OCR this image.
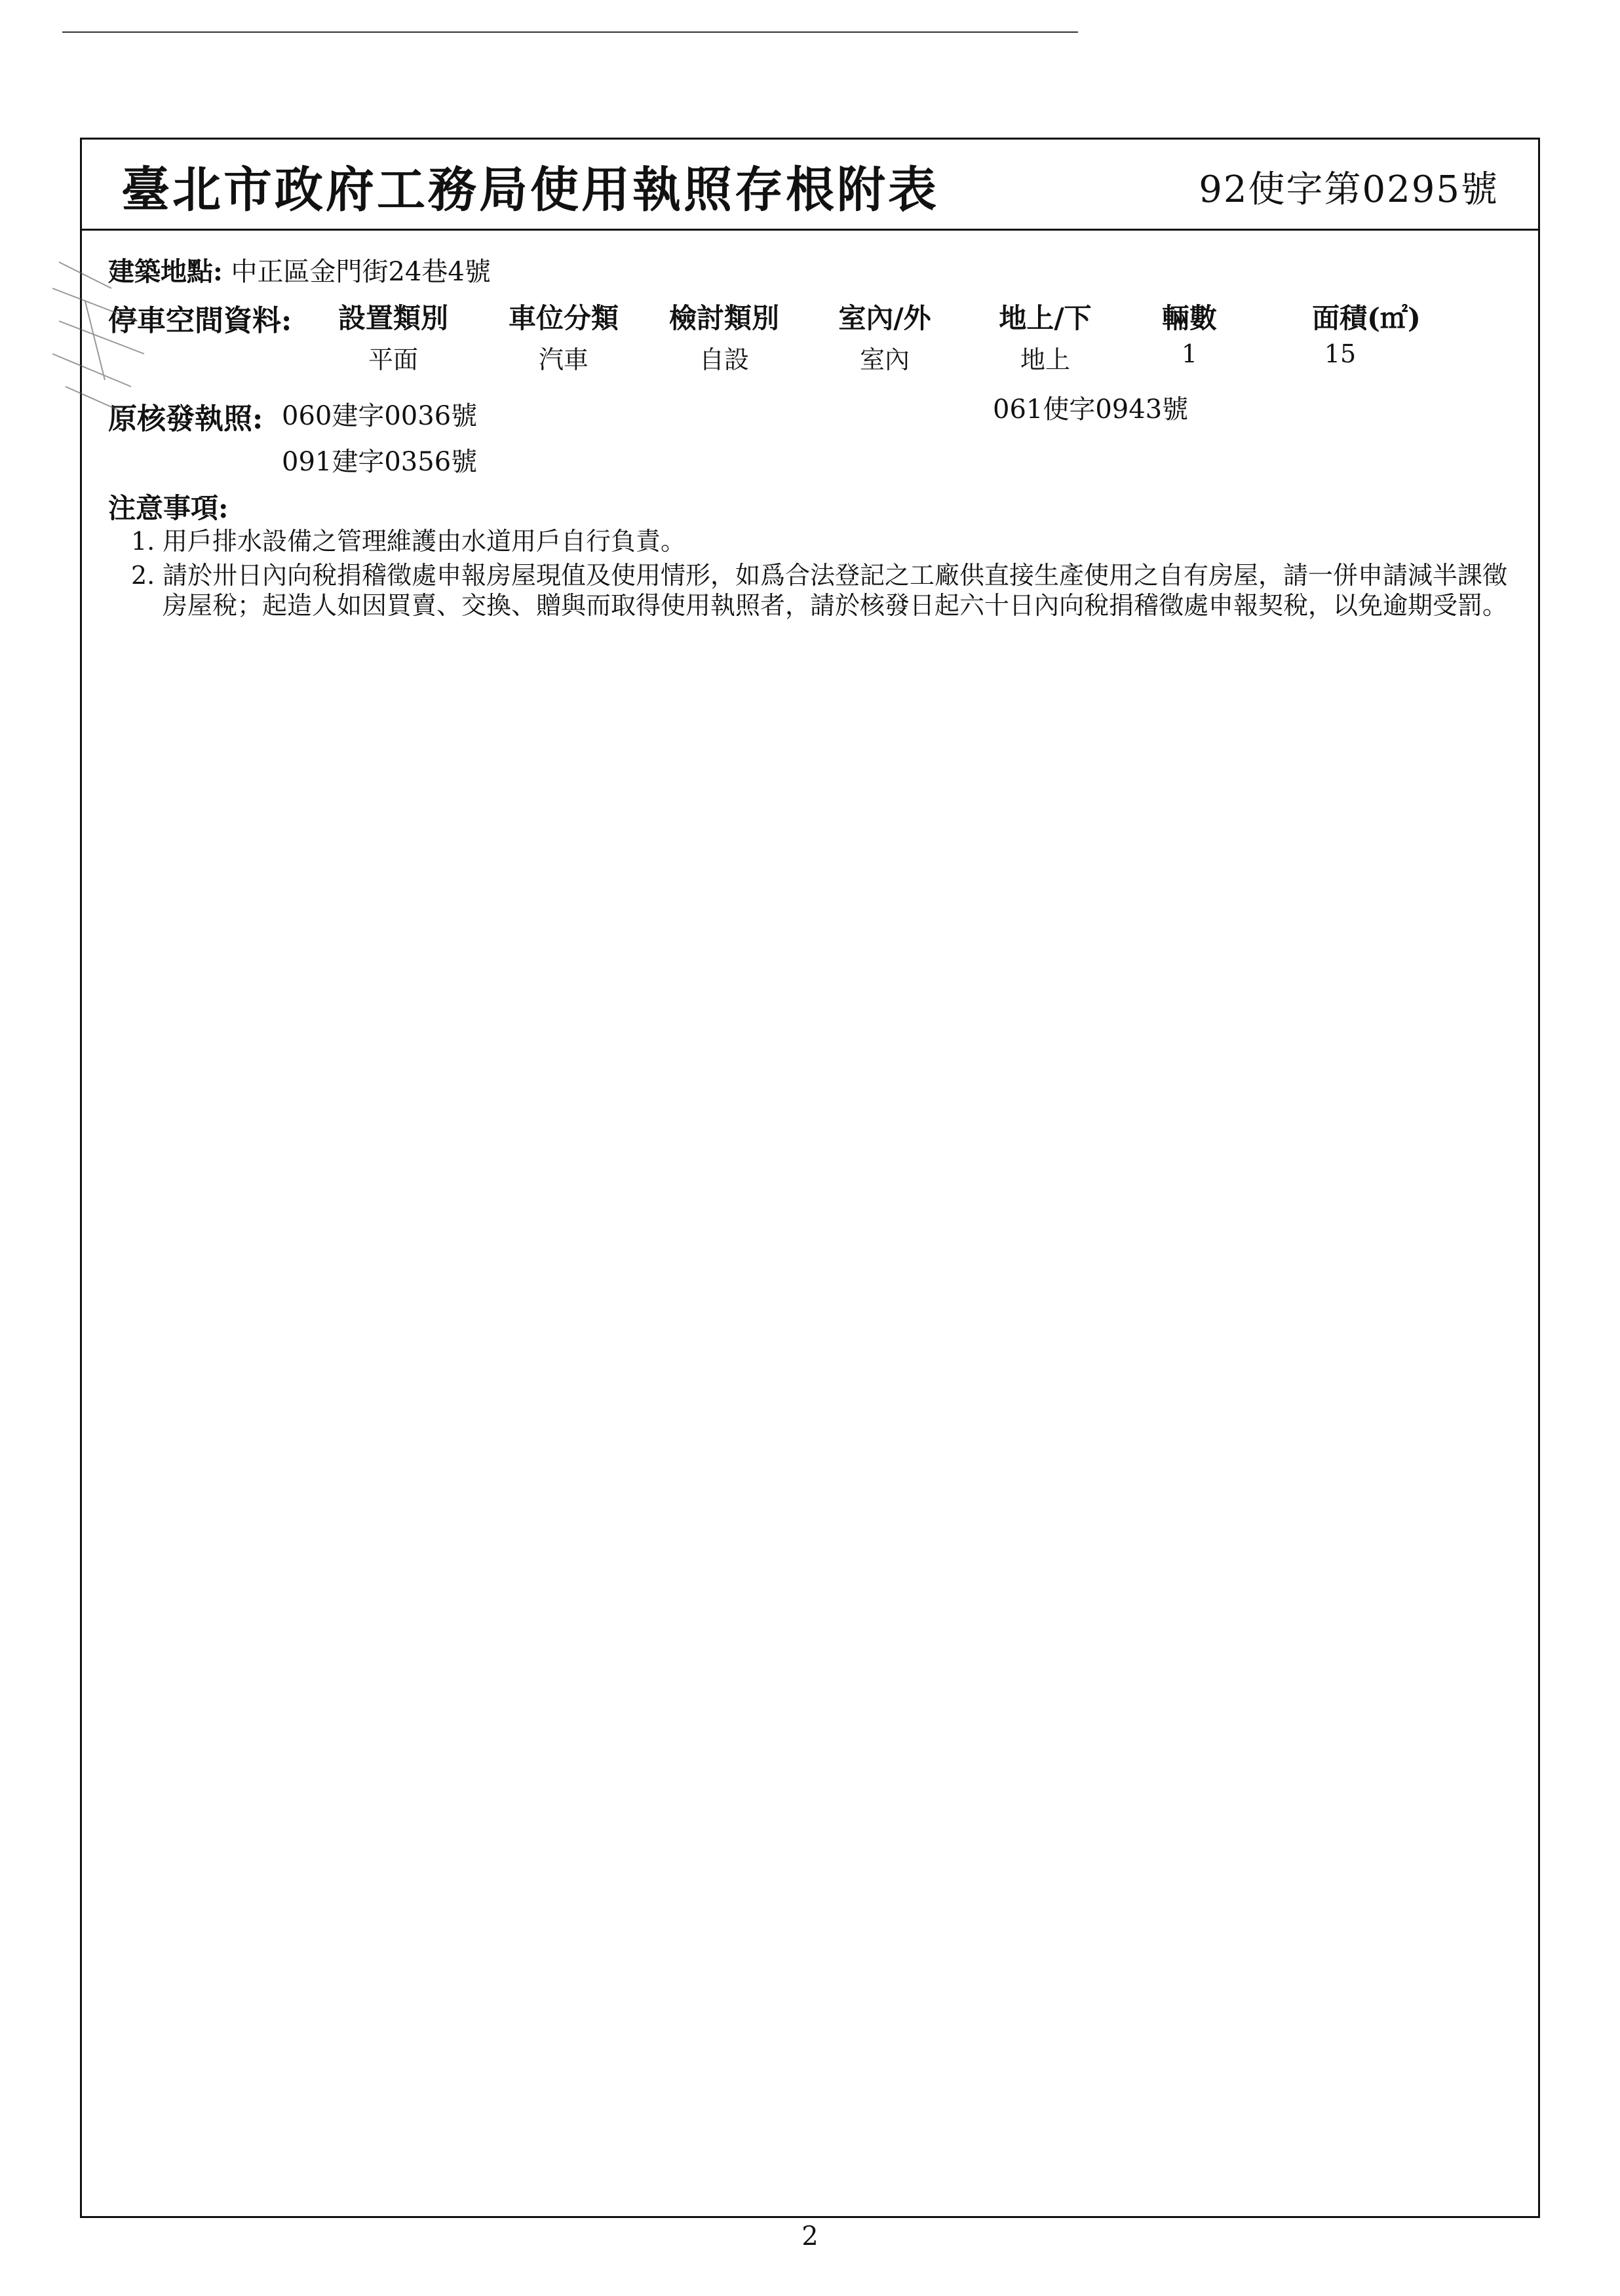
臺北市政府工務局使用執照存根附表	92使字第0295號
建築地點: 中正區金門街24巷4號
停車空間資料: 設置類別 車位分類 檢討類別 室內/外 地上/下	輛數	面積(㎡)
平面	汽車	自設	室內	地上	1	15
原核發執照: 060建字0036號	061使字0943號
091建字0356號
注意事項:
1. 用戶排水設備之管理維護由水道用戶自行負責。
2. 請於卅日內向稅捐稽徵處申報房屋現值及使用情形，如爲合法登記之工廠供直接生產使用之自有房屋，請一併申請減半課徵房屋稅；起造人如因買賣、交換、贈與而取得使用執照者，請於核發日起六十日內向稅捐稽徵處申報契稅，以免逾期受罰。
2
